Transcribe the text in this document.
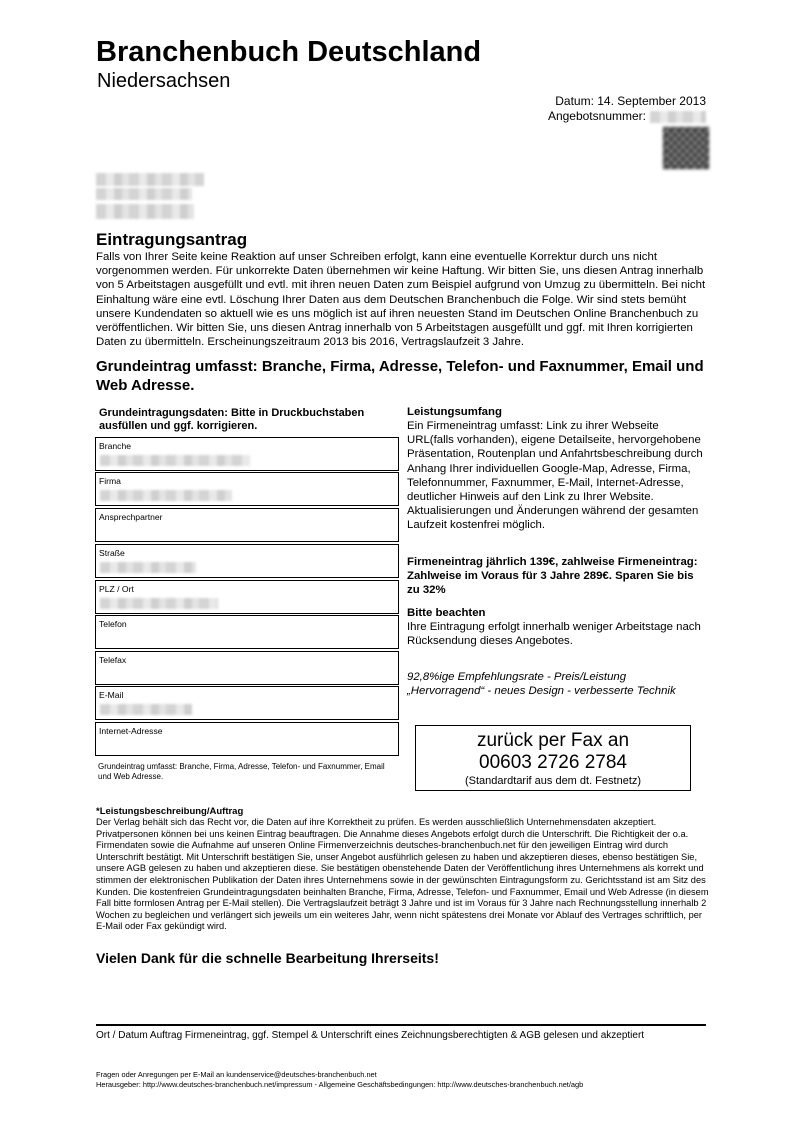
Branchenbuch Deutschland
Niedersachsen
Datum: 14. September 2013
Angebotsnummer:
Eintragungsantrag
Falls von Ihrer Seite keine Reaktion auf unser Schreiben erfolgt, kann eine eventuelle Korrektur durch uns nicht vorgenommen werden. Für unkorrekte Daten übernehmen wir keine Haftung. Wir bitten Sie, uns diesen Antrag innerhalb von 5 Arbeitstagen ausgefüllt und evtl. mit ihren neuen Daten zum Beispiel aufgrund von Umzug zu übermitteln. Bei nicht Einhaltung wäre eine evtl. Löschung Ihrer Daten aus dem Deutschen Branchenbuch die Folge. Wir sind stets bemüht unsere Kundendaten so aktuell wie es uns möglich ist auf ihren neuesten Stand im Deutschen Online Branchenbuch zu veröffentlichen. Wir bitten Sie, uns diesen Antrag innerhalb von 5 Arbeitstagen ausgefüllt und ggf. mit Ihren korrigierten Daten zu übermitteln. Erscheinungszeitraum 2013 bis 2016, Vertragslaufzeit 3 Jahre.
Grundeintrag umfasst: Branche, Firma, Adresse, Telefon- und Faxnummer, Email und Web Adresse.
Grundeintragungsdaten: Bitte in Druckbuchstaben ausfüllen und ggf. korrigieren.
Branche
Firma
Ansprechpartner
Straße
PLZ / Ort
Telefon
Telefax
E-Mail
Internet-Adresse
Grundeintrag umfasst: Branche, Firma, Adresse, Telefon- und Faxnummer, Email und Web Adresse.
Leistungsumfang
Ein Firmeneintrag umfasst: Link zu ihrer Webseite URL(falls vorhanden), eigene Detailseite, hervorgehobene Präsentation, Routenplan und Anfahrtsbeschreibung durch Anhang Ihrer individuellen Google-Map, Adresse, Firma, Telefonnummer, Faxnummer, E-Mail, Internet-Adresse, deutlicher Hinweis auf den Link zu Ihrer Website. Aktualisierungen und Änderungen während der gesamten Laufzeit kostenfrei möglich.
Firmeneintrag jährlich 139€, zahlweise Firmeneintrag: Zahlweise im Voraus für 3 Jahre 289€. Sparen Sie bis zu 32%
Bitte beachten
Ihre Eintragung erfolgt innerhalb weniger Arbeitstage nach Rücksendung dieses Angebotes.
92,8%ige Empfehlungsrate - Preis/Leistung
„Hervorragend“ - neues Design - verbesserte Technik
zurück per Fax an
00603 2726 2784
(Standardtarif aus dem dt. Festnetz)
*Leistungsbeschreibung/Auftrag
Der Verlag behält sich das Recht vor, die Daten auf ihre Korrektheit zu prüfen. Es werden ausschließlich Unternehmensdaten akzeptiert. Privatpersonen können bei uns keinen Eintrag beauftragen. Die Annahme dieses Angebots erfolgt durch die Unterschrift. Die Richtigkeit der o.a. Firmendaten sowie die Aufnahme auf unseren Online Firmenverzeichnis deutsches-branchenbuch.net für den jeweiligen Eintrag wird durch Unterschrift bestätigt. Mit Unterschrift bestätigen Sie, unser Angebot ausführlich gelesen zu haben und akzeptieren dieses, ebenso bestätigen Sie, unsere AGB gelesen zu haben und akzeptieren diese. Sie bestätigen obenstehende Daten der Veröffentlichung ihres Unternehmens als korrekt und stimmen der elektronischen Publikation der Daten ihres Unternehmens sowie in der gewünschten Eintragungsform zu. Gerichtsstand ist am Sitz des Kunden. Die kostenfreien Grundeintragungsdaten beinhalten Branche, Firma, Adresse, Telefon- und Faxnummer, Email und Web Adresse (in diesem Fall bitte formlosen Antrag per E-Mail stellen). Die Vertragslaufzeit beträgt 3 Jahre und ist im Voraus für 3 Jahre nach Rechnungsstellung innerhalb 2 Wochen zu begleichen und verlängert sich jeweils um ein weiteres Jahr, wenn nicht spätestens drei Monate vor Ablauf des Vertrages schriftlich, per E-Mail oder Fax gekündigt wird.
Vielen Dank für die schnelle Bearbeitung Ihrerseits!
Ort / Datum Auftrag Firmeneintrag, ggf. Stempel & Unterschrift eines Zeichnungsberechtigten & AGB gelesen und akzeptiert
Fragen oder Anregungen per E-Mail an kundenservice@deutsches-branchenbuch.net
Herausgeber: http://www.deutsches-branchenbuch.net/impressum - Allgemeine Geschäftsbedingungen: http://www.deutsches-branchenbuch.net/agb
